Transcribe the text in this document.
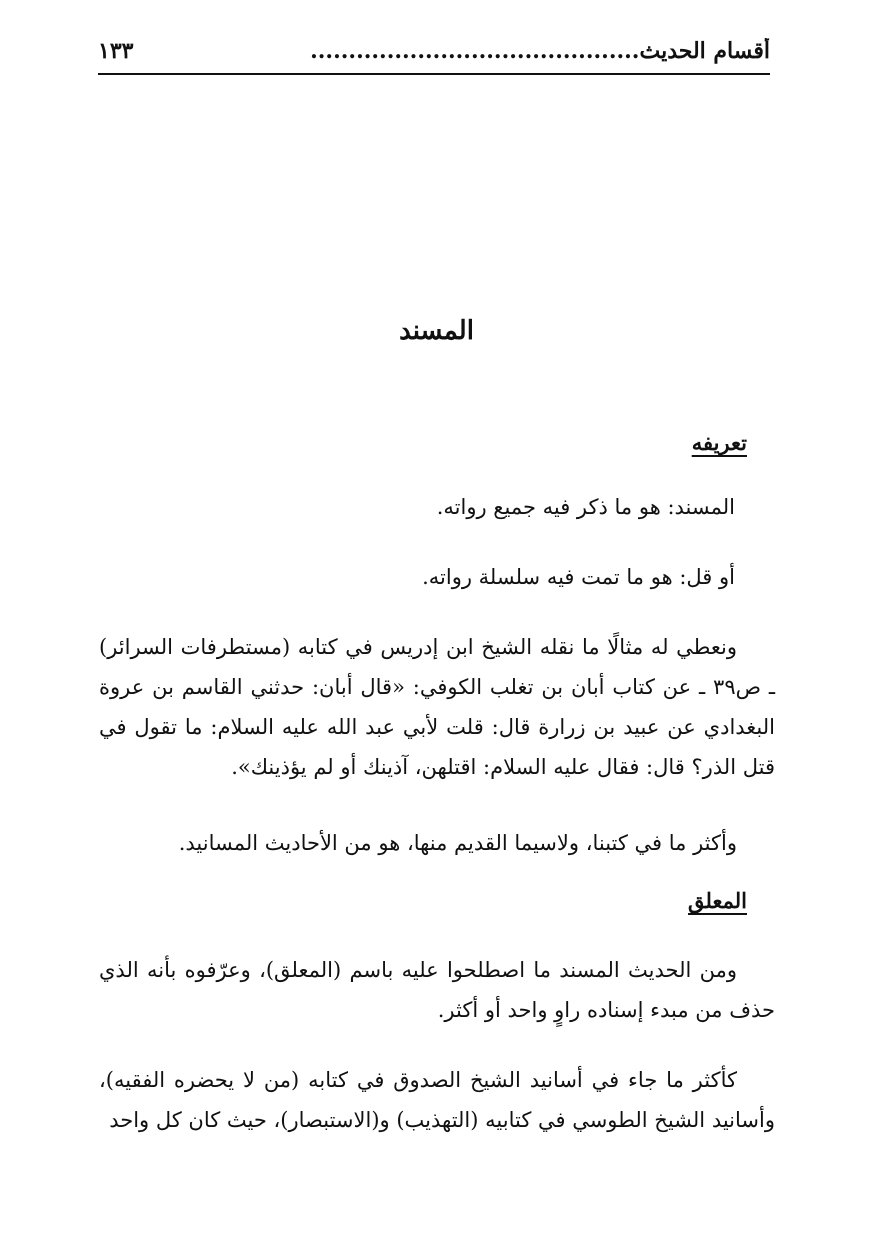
أقسام الحديث
...........................................
١٣٣
المسند
تعريفه
المسند: هو ما ذكر فيه جميع رواته.
أو قل: هو ما تمت فيه سلسلة رواته.
ونعطي له مثالًا ما نقله الشيخ ابن إدريس في كتابه (مستطرفات السرائر) ـ ص٣٩ ـ عن كتاب أبان بن تغلب الكوفي: «قال أبان: حدثني القاسم بن عروة البغدادي عن عبيد بن زرارة قال: قلت لأبي عبد الله عليه السلام: ما تقول في قتل الذر؟ قال: فقال عليه السلام: اقتلهن، آذينك أو لم يؤذينك».
وأكثر ما في كتبنا، ولاسيما القديم منها، هو من الأحاديث المسانيد.
المعلق
ومن الحديث المسند ما اصطلحوا عليه باسم (المعلق)، وعرّفوه بأنه الذي حذف من مبدء إسناده راوٍ واحد أو أكثر.
كأكثر ما جاء في أسانيد الشيخ الصدوق في كتابه (من لا يحضره الفقيه)، وأسانيد الشيخ الطوسي في كتابيه (التهذيب) و(الاستبصار)، حيث كان كل واحد
